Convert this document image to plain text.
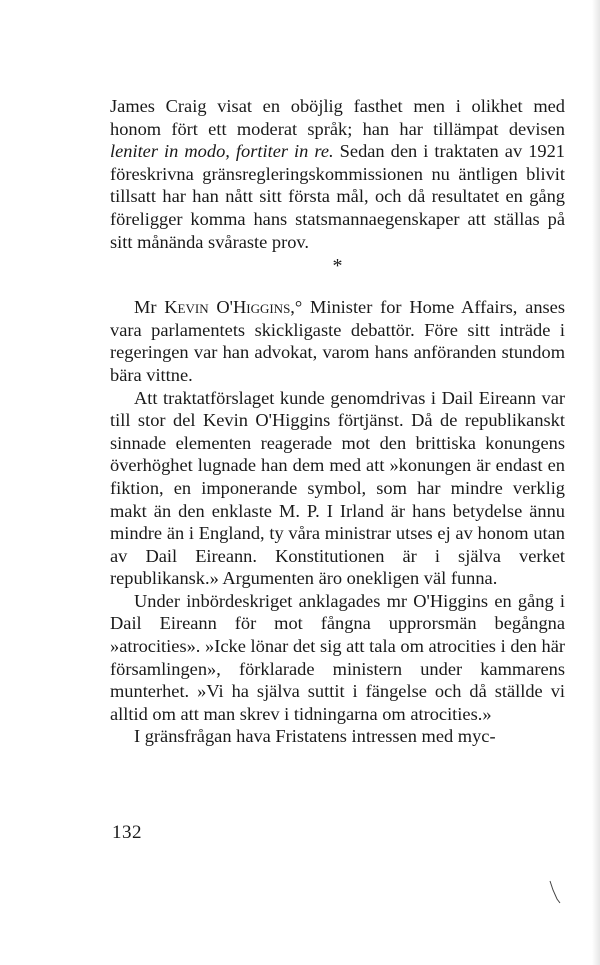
James Craig visat en oböjlig fasthet men i olikhet med honom fört ett moderat språk; han har tillämpat devisen leniter in modo, fortiter in re. Sedan den i traktaten av 1921 föreskrivna gränsregleringskommissionen nu äntligen blivit tillsatt har han nått sitt första mål, och då resultatet en gång föreligger komma hans statsmannaegenskaper att ställas på sitt månända svåraste prov.

*

Mr Kevin O'Higgins,° Minister for Home Affairs, anses vara parlamentets skickligaste debattör. Före sitt inträde i regeringen var han advokat, varom hans anföranden stundom bära vittne.

Att traktatförslaget kunde genomdrivas i Dail Eireann var till stor del Kevin O'Higgins förtjänst. Då de republikanskt sinnade elementen reagerade mot den brittiska konungens överhöghet lugnade han dem med att »konungen är endast en fiktion, en imponerande symbol, som har mindre verklig makt än den enklaste M. P. I Irland är hans betydelse ännu mindre än i England, ty våra ministrar utses ej av honom utan av Dail Eireann. Konstitutionen är i själva verket republikansk.» Argumenten äro onekligen väl funna.

Under inbördeskriget anklagades mr O'Higgins en gång i Dail Eireann för mot fångna upprorsmän begångna »atrocities». »Icke lönar det sig att tala om atrocities i den här församlingen», förklarade ministern under kammarens munterhet. »Vi ha själva suttit i fängelse och då ställde vi alltid om att man skrev i tidningarna om atrocities.»

I gränsfrågan hava Fristatens intressen med myc-

132
